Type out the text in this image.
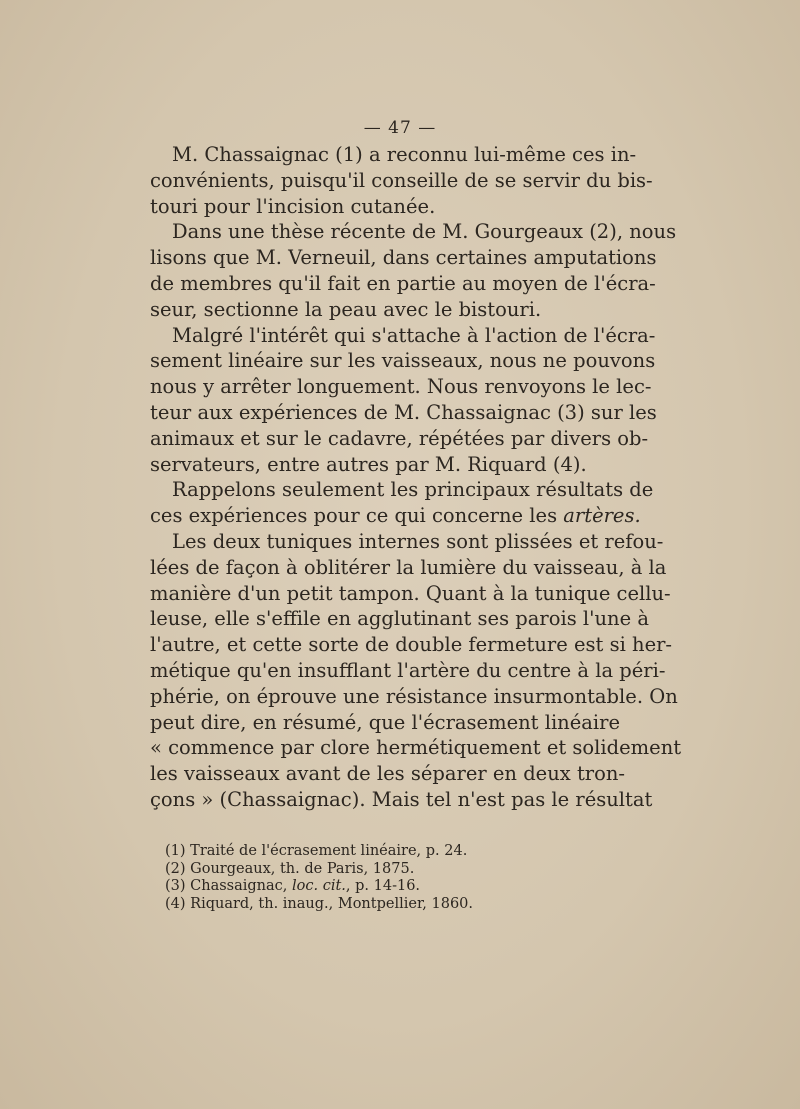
— 47 —
M. Chassaignac (1) a reconnu lui-même ces in-
convénients, puisqu'il conseille de se servir du bis-
touri pour l'incision cutanée.
Dans une thèse récente de M. Gourgeaux (2), nous
lisons que M. Verneuil, dans certaines amputations
de membres qu'il fait en partie au moyen de l'écra-
seur, sectionne la peau avec le bistouri.
Malgré l'intérêt qui s'attache à l'action de l'écra-
sement linéaire sur les vaisseaux, nous ne pouvons
nous y arrêter longuement. Nous renvoyons le lec-
teur aux expériences de M. Chassaignac (3) sur les
animaux et sur le cadavre, répétées par divers ob-
servateurs, entre autres par M. Riquard (4).
Rappelons seulement les principaux résultats de
ces expériences pour ce qui concerne les artères.
Les deux tuniques internes sont plissées et refou-
lées de façon à oblitérer la lumière du vaisseau, à la
manière d'un petit tampon. Quant à la tunique cellu-
leuse, elle s'effile en agglutinant ses parois l'une à
l'autre, et cette sorte de double fermeture est si her-
métique qu'en insufflant l'artère du centre à la péri-
phérie, on éprouve une résistance insurmontable. On
peut dire, en résumé, que l'écrasement linéaire
« commence par clore hermétiquement et solidement
les vaisseaux avant de les séparer en deux tron-
çons » (Chassaignac). Mais tel n'est pas le résultat
(1) Traité de l'écrasement linéaire, p. 24.
(2) Gourgeaux, th. de Paris, 1875.
(3) Chassaignac, loc. cit., p. 14-16.
(4) Riquard, th. inaug., Montpellier, 1860.
